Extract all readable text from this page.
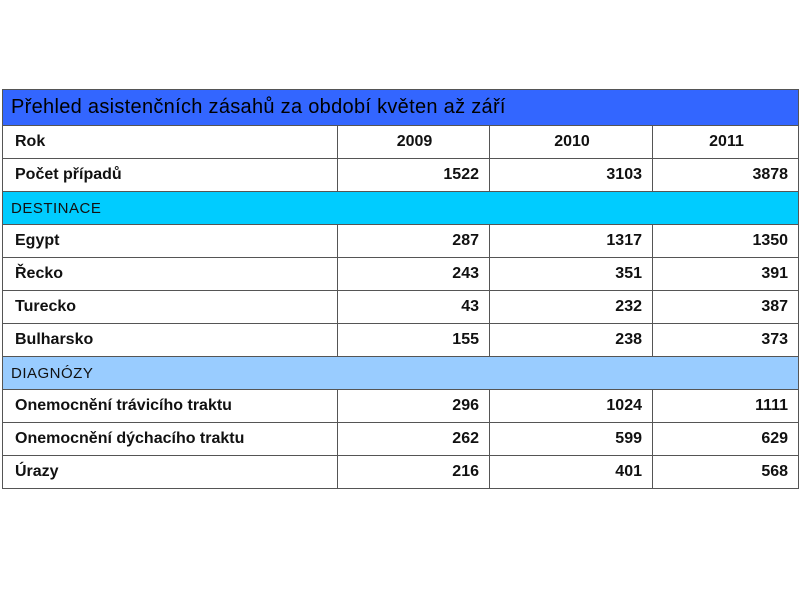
Přehled asistenčních zásahů za období květen až září			
Rok	2009	2010	2011
Počet případů	1522	3103	3878
DESTINACE			
Egypt	287	1317	1350
Řecko	243	351	391
Turecko	43	232	387
Bulharsko	155	238	373
DIAGNÓZY			
Onemocnění trávicího traktu	296	1024	1111
Onemocnění dýchacího traktu	262	599	629
Úrazy	216	401	568
